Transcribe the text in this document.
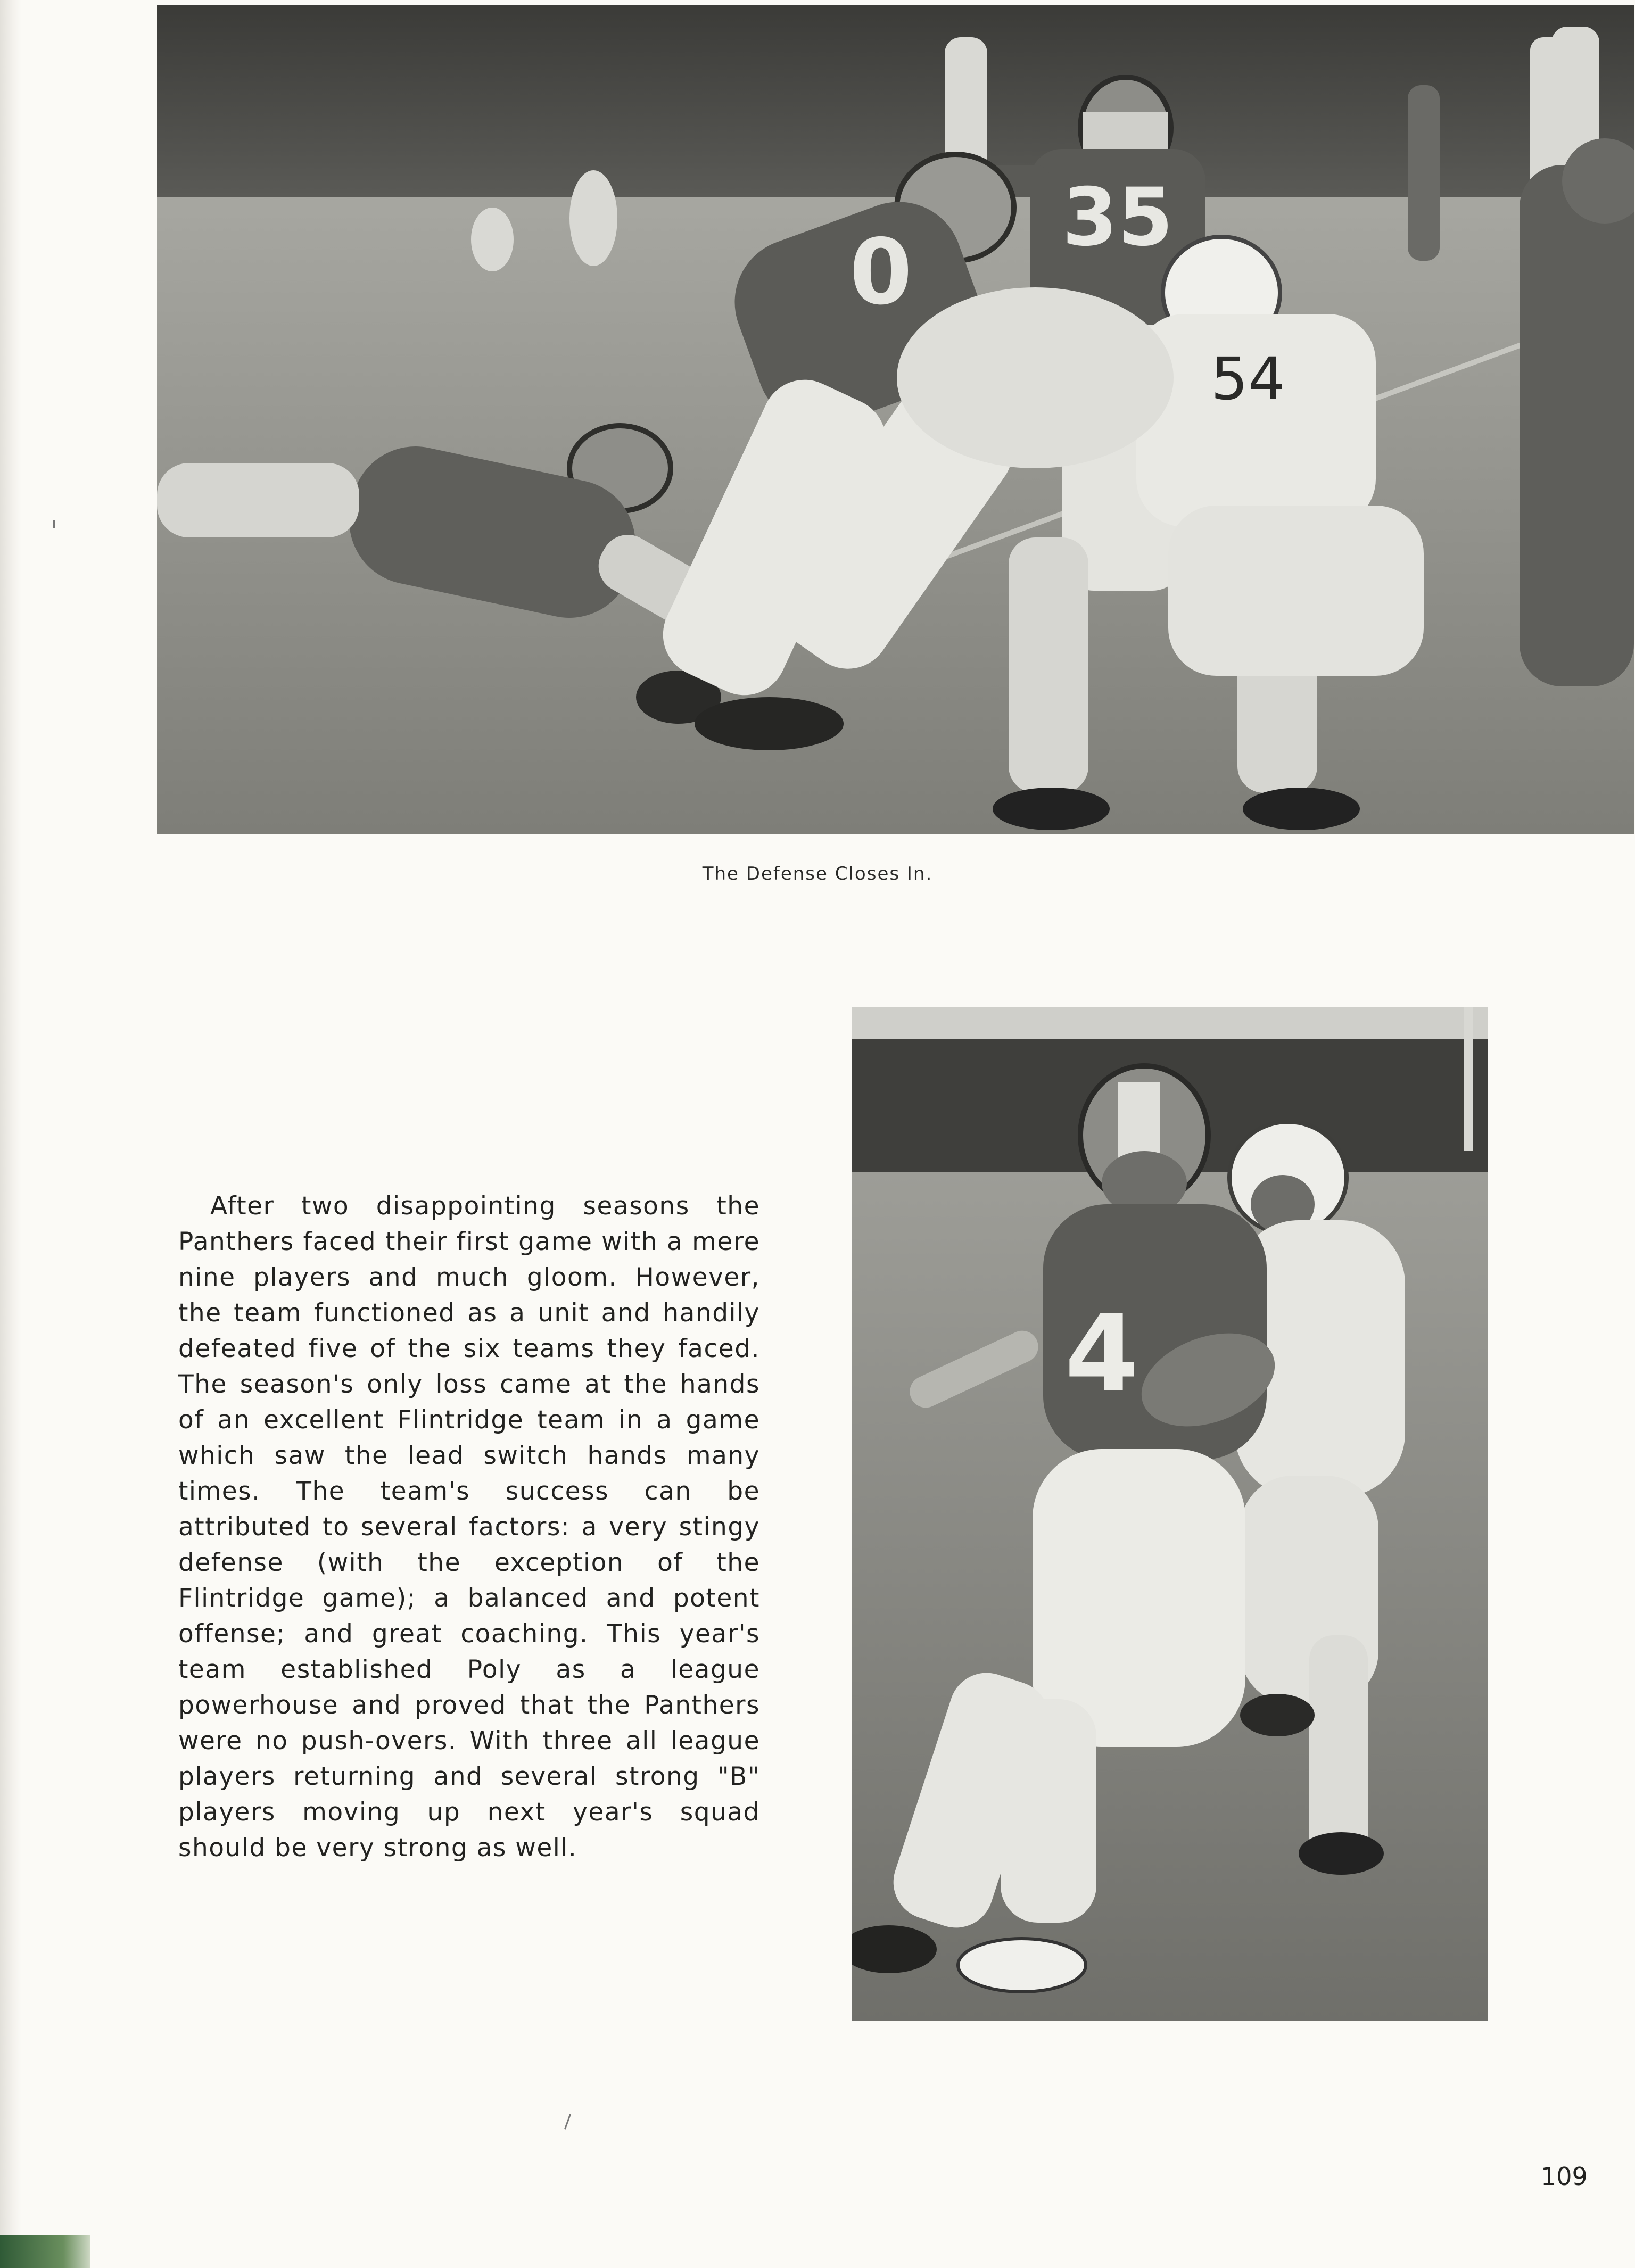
35
54
0
The Defense Closes In.
After two disappointing seasons the Panthers faced their first game with a mere nine players and much gloom. However, the team functioned as a unit and handily defeated five of the six teams they faced. The season's only loss came at the hands of an excellent Flintridge team in a game which saw the lead switch hands many times. The team's success can be attributed to several factors: a very stingy defense (with the exception of the Flintridge game); a balanced and potent offense; and great coaching. This year's team established Poly as a league powerhouse and proved that the Panthers were no push-overs. With three all league players returning and several strong "B" players moving up next year's squad should be very strong as well.
4
109
